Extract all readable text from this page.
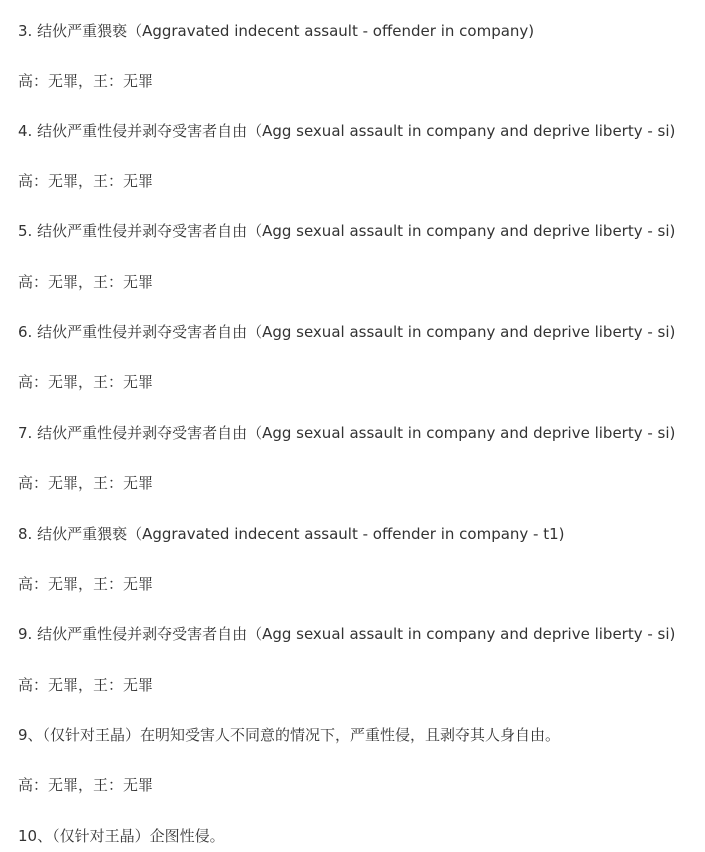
3. 结伙严重猥亵（Aggravated indecent assault - offender in company)

高：无罪，王：无罪

4. 结伙严重性侵并剥夺受害者自由（Agg sexual assault in company and deprive liberty - si)

高：无罪，王：无罪

5. 结伙严重性侵并剥夺受害者自由（Agg sexual assault in company and deprive liberty - si)

高：无罪，王：无罪

6. 结伙严重性侵并剥夺受害者自由（Agg sexual assault in company and deprive liberty - si)

高：无罪，王：无罪

7. 结伙严重性侵并剥夺受害者自由（Agg sexual assault in company and deprive liberty - si)

高：无罪，王：无罪

8. 结伙严重猥亵（Aggravated indecent assault - offender in company - t1)

高：无罪，王：无罪

9. 结伙严重性侵并剥夺受害者自由（Agg sexual assault in company and deprive liberty - si)

高：无罪，王：无罪

9、（仅针对王晶）在明知受害人不同意的情况下，严重性侵，且剥夺其人身自由。

高：无罪，王：无罪

10、（仅针对王晶）企图性侵。
